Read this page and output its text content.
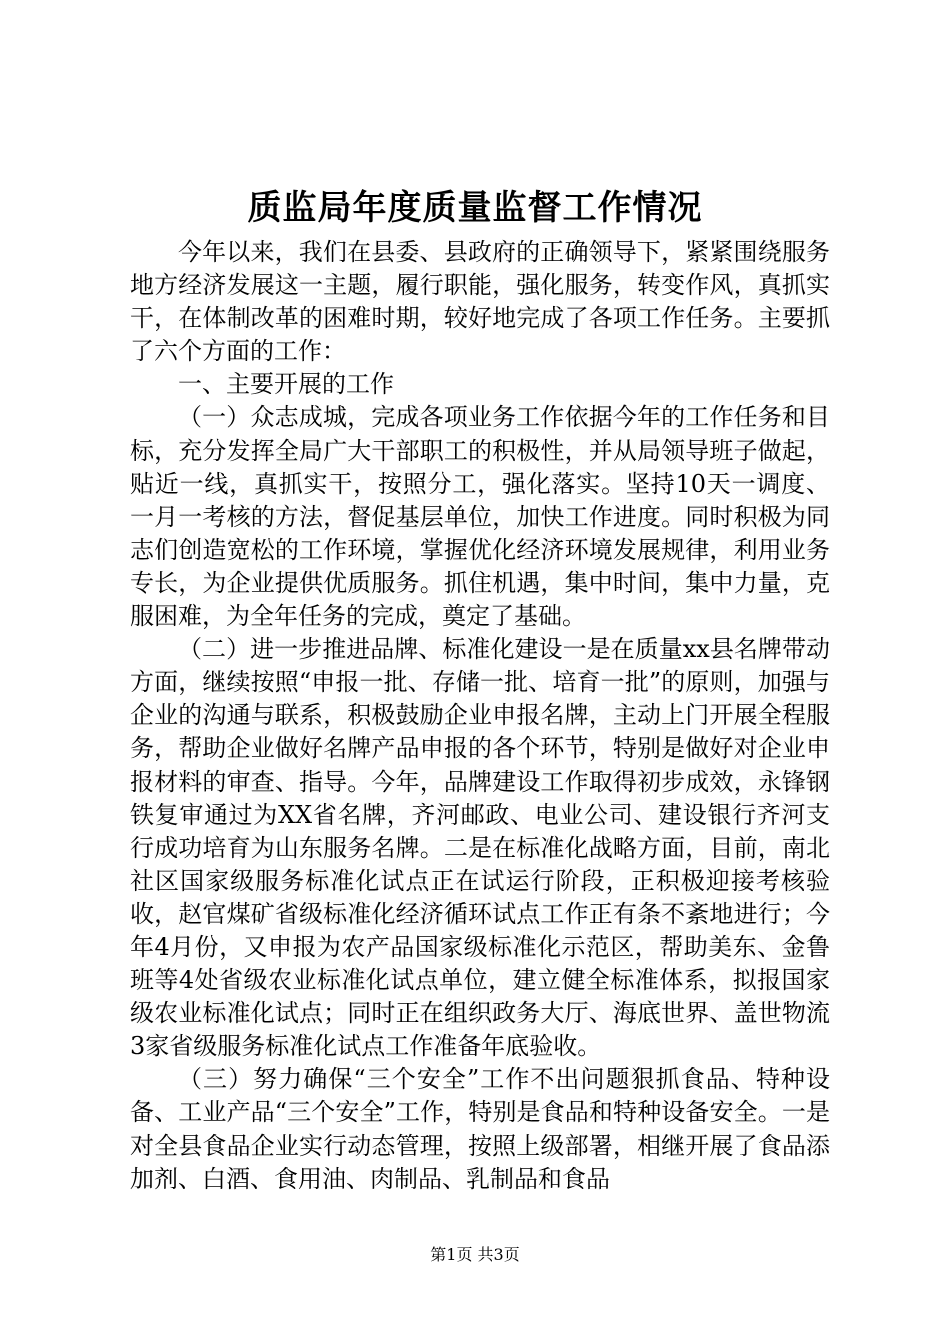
质监局年度质量监督工作情况

今年以来，我们在县委、县政府的正确领导下，紧紧围绕服务地方经济发展这一主题，履行职能，强化服务，转变作风，真抓实干，在体制改革的困难时期，较好地完成了各项工作任务。主要抓了六个方面的工作：

一、主要开展的工作

（一）众志成城，完成各项业务工作依据今年的工作任务和目标，充分发挥全局广大干部职工的积极性，并从局领导班子做起，贴近一线，真抓实干，按照分工，强化落实。坚持10天一调度、一月一考核的方法，督促基层单位，加快工作进度。同时积极为同志们创造宽松的工作环境，掌握优化经济环境发展规律，利用业务专长，为企业提供优质服务。抓住机遇，集中时间，集中力量，克服困难，为全年任务的完成，奠定了基础。

（二）进一步推进品牌、标准化建设一是在质量xx县名牌带动方面，继续按照“申报一批、存储一批、培育一批”的原则，加强与企业的沟通与联系，积极鼓励企业申报名牌，主动上门开展全程服务，帮助企业做好名牌产品申报的各个环节，特别是做好对企业申报材料的审查、指导。今年，品牌建设工作取得初步成效，永锋钢铁复审通过为XX省名牌，齐河邮政、电业公司、建设银行齐河支行成功培育为山东服务名牌。二是在标准化战略方面，目前，南北社区国家级服务标准化试点正在试运行阶段，正积极迎接考核验收，赵官煤矿省级标准化经济循环试点工作正有条不紊地进行；今年4月份，又申报为农产品国家级标准化示范区，帮助美东、金鲁班等4处省级农业标准化试点单位，建立健全标准体系，拟报国家级农业标准化试点；同时正在组织政务大厅、海底世界、盖世物流3家省级服务标准化试点工作准备年底验收。

（三）努力确保“三个安全”工作不出问题狠抓食品、特种设备、工业产品“三个安全”工作，特别是食品和特种设备安全。一是对全县食品企业实行动态管理，按照上级部署，相继开展了食品添加剂、白酒、食用油、肉制品、乳制品和食品

第1页 共3页
